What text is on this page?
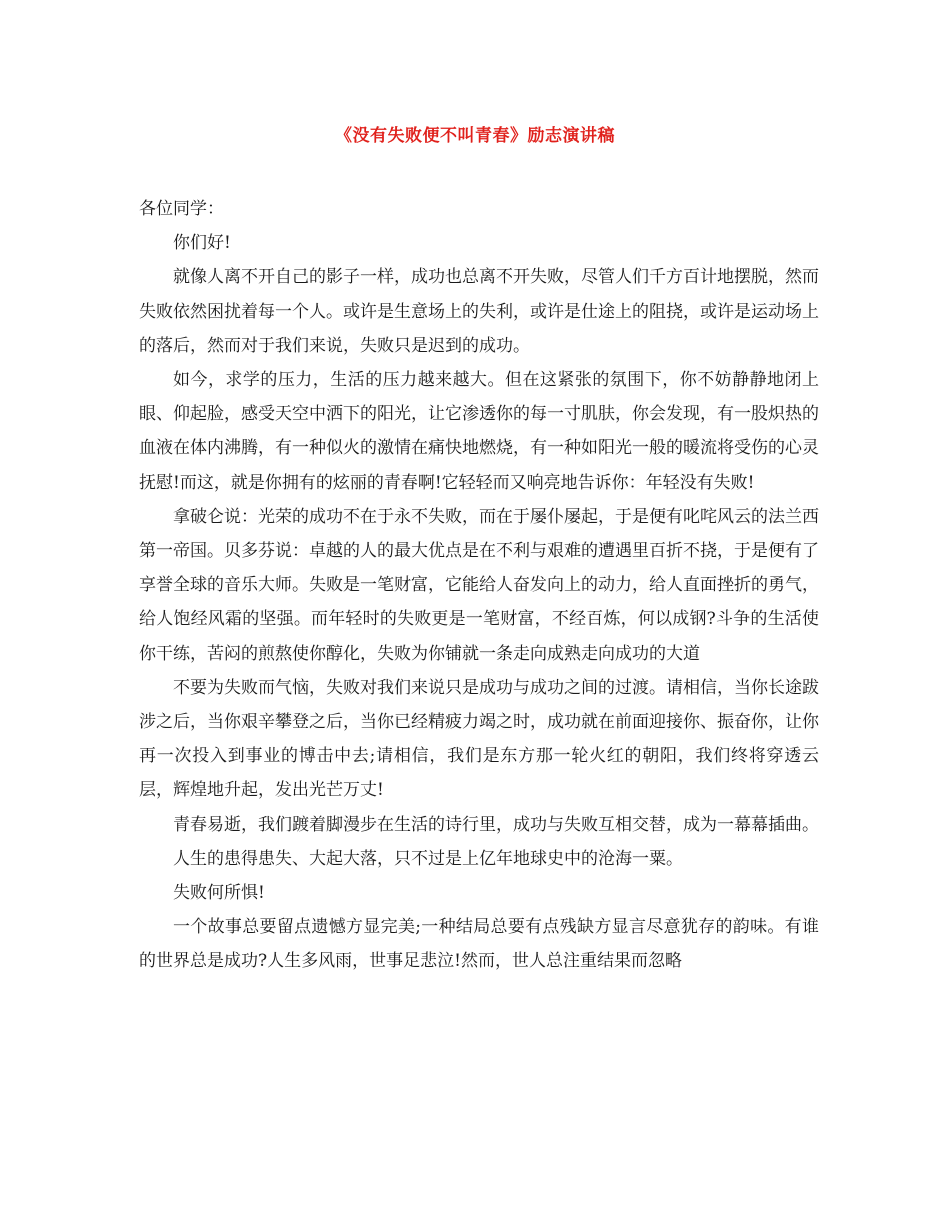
《没有失败便不叫青春》励志演讲稿

各位同学：

你们好!

就像人离不开自己的影子一样，成功也总离不开失败，尽管人们千方百计地摆脱，然而失败依然困扰着每一个人。或许是生意场上的失利，或许是仕途上的阻挠，或许是运动场上的落后，然而对于我们来说，失败只是迟到的成功。

如今，求学的压力，生活的压力越来越大。但在这紧张的氛围下，你不妨静静地闭上眼、仰起脸，感受天空中洒下的阳光，让它渗透你的每一寸肌肤，你会发现，有一股炽热的血液在体内沸腾，有一种似火的激情在痛快地燃烧，有一种如阳光一般的暖流将受伤的心灵抚慰!而这，就是你拥有的炫丽的青春啊!它轻轻而又响亮地告诉你：年轻没有失败!

拿破仑说：光荣的成功不在于永不失败，而在于屡仆屡起，于是便有叱咤风云的法兰西第一帝国。贝多芬说：卓越的人的最大优点是在不利与艰难的遭遇里百折不挠，于是便有了享誉全球的音乐大师。失败是一笔财富，它能给人奋发向上的动力，给人直面挫折的勇气，给人饱经风霜的坚强。而年轻时的失败更是一笔财富，不经百炼，何以成钢?斗争的生活使你干练，苦闷的煎熬使你醇化，失败为你铺就一条走向成熟走向成功的大道

不要为失败而气恼，失败对我们来说只是成功与成功之间的过渡。请相信，当你长途跋涉之后，当你艰辛攀登之后，当你已经精疲力竭之时，成功就在前面迎接你、振奋你，让你再一次投入到事业的博击中去;请相信，我们是东方那一轮火红的朝阳，我们终将穿透云层，辉煌地升起，发出光芒万丈!

青春易逝，我们踱着脚漫步在生活的诗行里，成功与失败互相交替，成为一幕幕插曲。

人生的患得患失、大起大落，只不过是上亿年地球史中的沧海一粟。

失败何所惧!

一个故事总要留点遗憾方显完美;一种结局总要有点残缺方显言尽意犹存的韵味。有谁的世界总是成功?人生多风雨，世事足悲泣!然而，世人总注重结果而忽略
